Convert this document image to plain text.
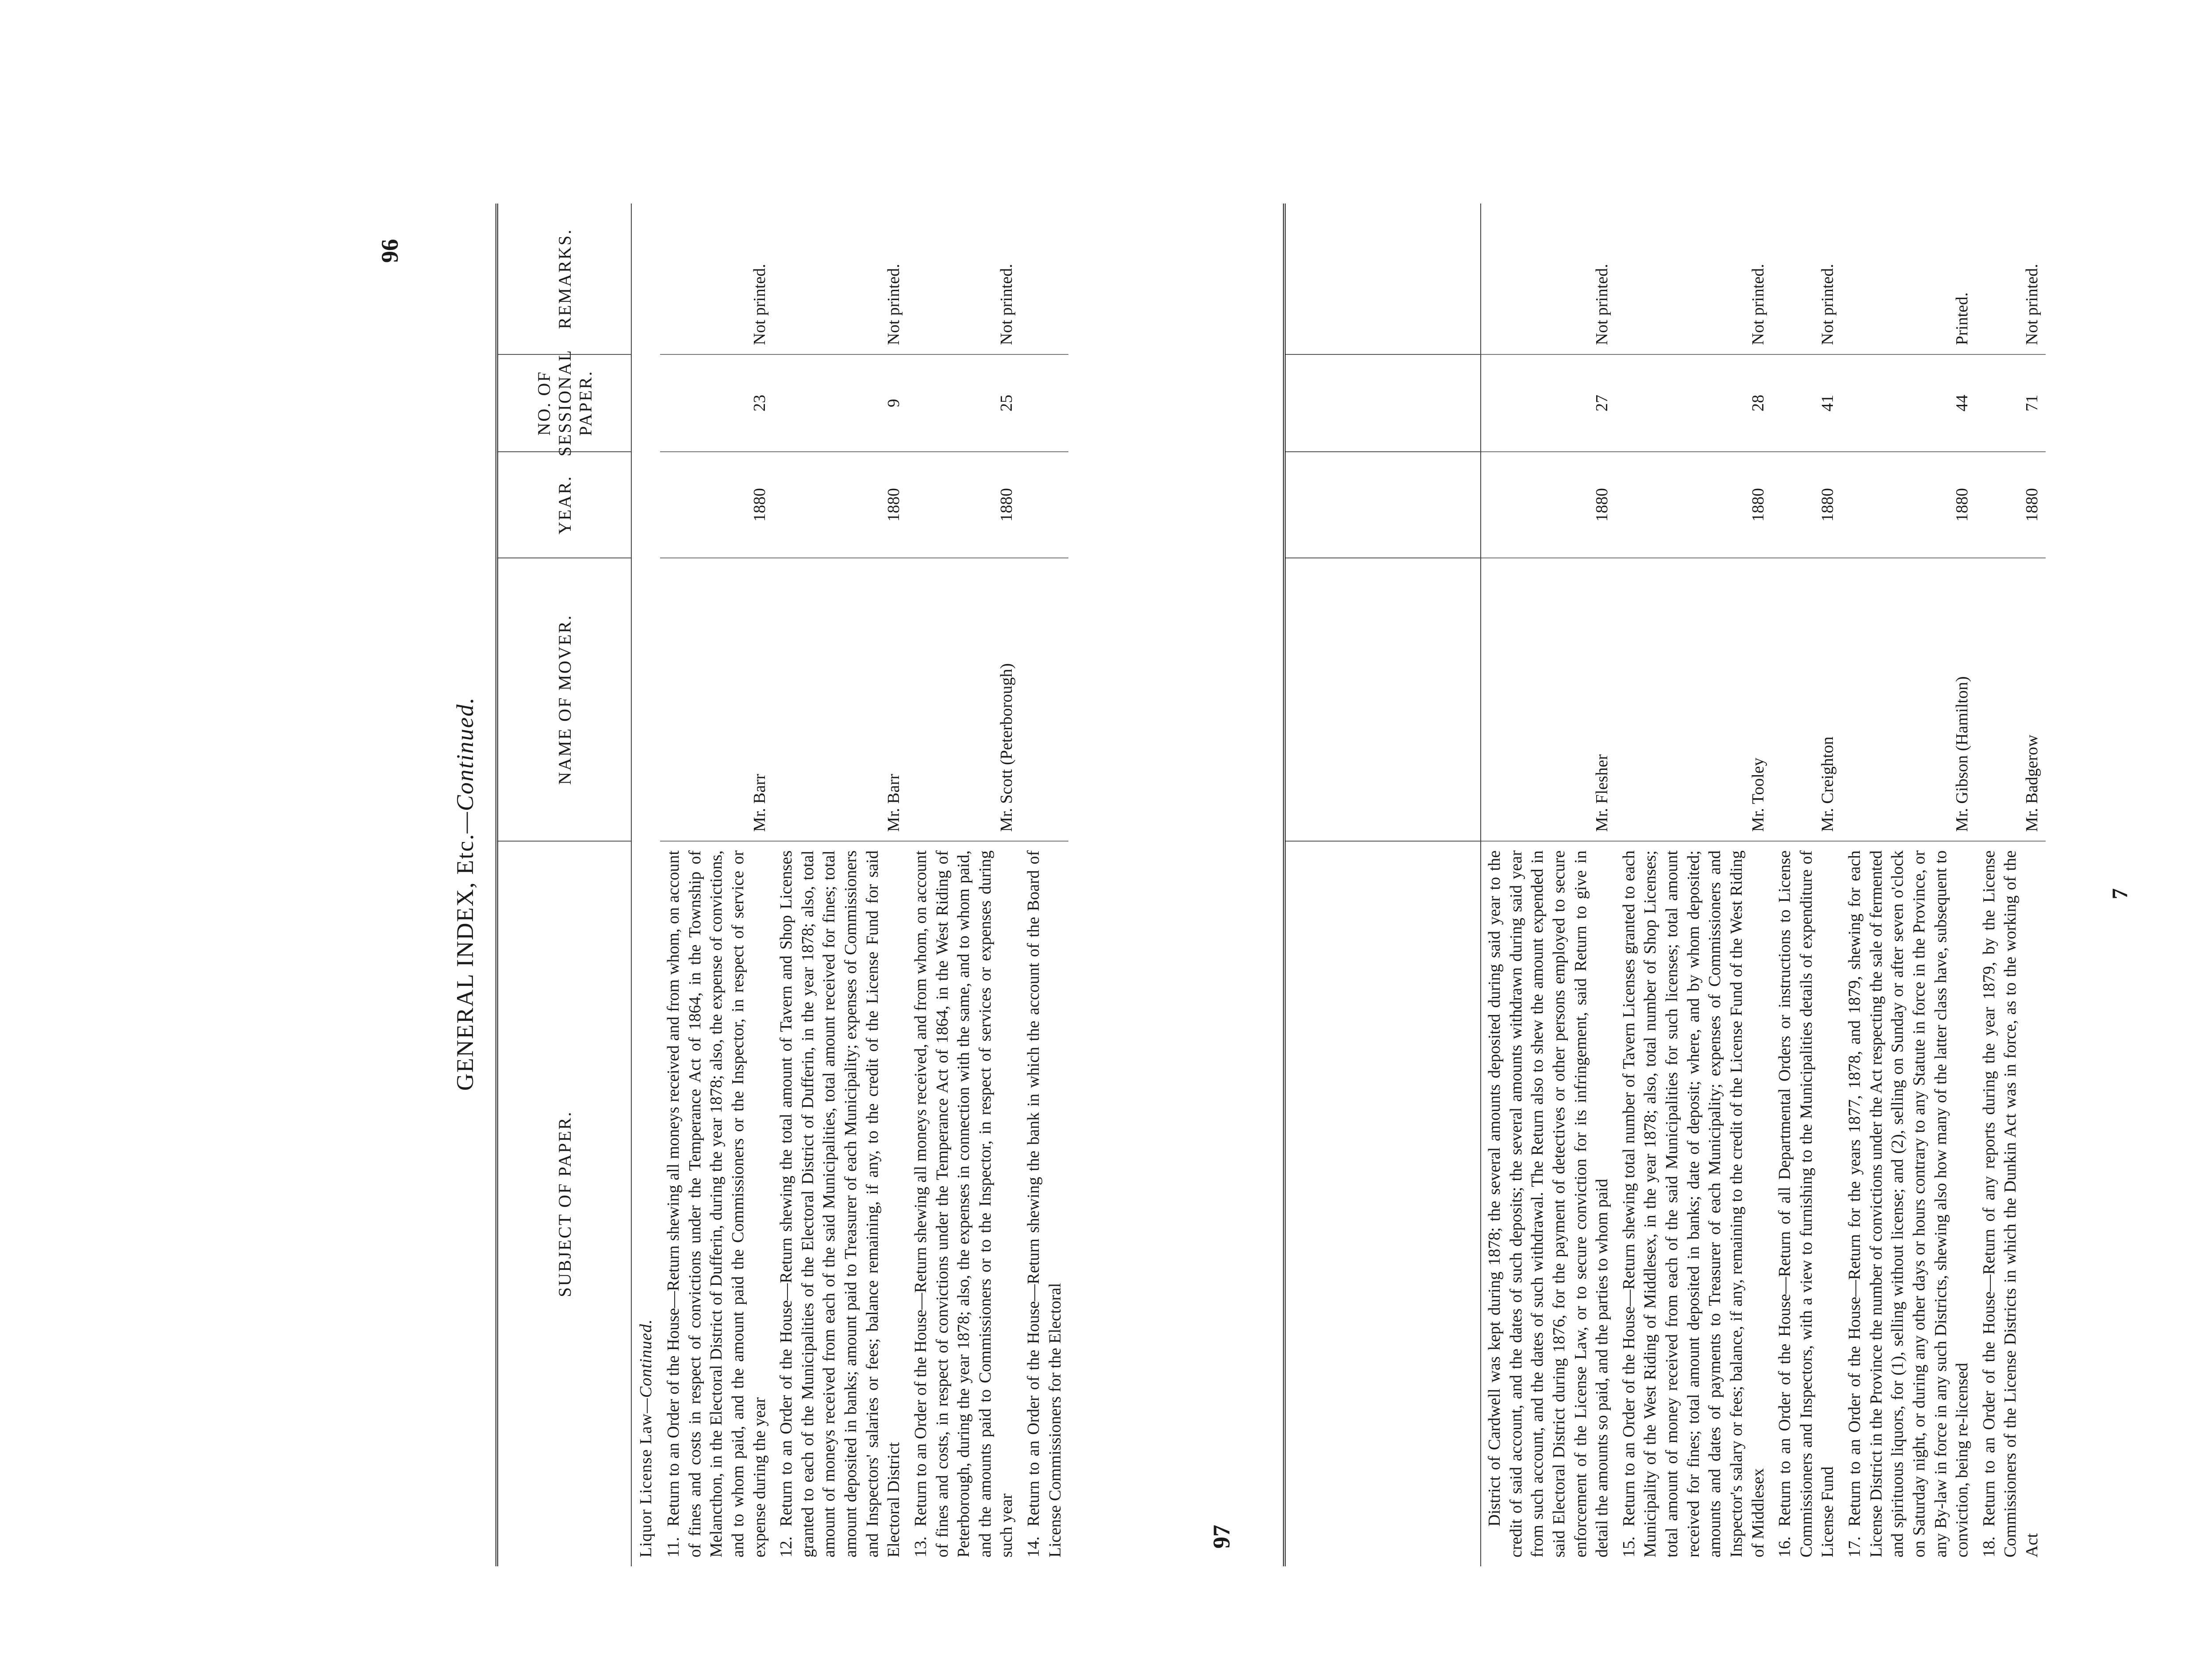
96
GENERAL INDEX, Etc.—Continued.
SUBJECT OF PAPER.
NAME OF MOVER.
YEAR.
NO. OF SESSIONAL PAPER.
REMARKS.
Liquor License Law—Continued.
11.Return to an Order of the House—Return shewing all moneys received and from whom, on account of fines and costs in respect of convictions under the Temperance Act of 1864, in the Township of Melancthon, in the Electoral District of Dufferin, during the year 1878; also, the expense of convictions, and to whom paid, and the amount paid the Commissioners or the Inspector, in respect of service or expense during the year
Mr. Barr
1880
23
Not printed.
12.Return to an Order of the House—Return shewing the total amount of Tavern and Shop Licenses granted to each of the Municipalities of the Electoral District of Dufferin, in the year 1878; also, total amount of moneys received from each of the said Municipalities, total amount received for fines; total amount deposited in banks; amount paid to Treasurer of each Municipality; expenses of Commissioners and Inspectors' salaries or fees; balance remaining, if any, to the credit of the License Fund for said Electoral District
Mr. Barr
1880
9
Not printed.
13.Return to an Order of the House—Return shewing all moneys received, and from whom, on account of fines and costs, in respect of convictions under the Temperance Act of 1864, in the West Riding of Peterborough, during the year 1878; also, the expenses in connection with the same, and to whom paid, and the amounts paid to Commissioners or to the Inspector, in respect of services or expenses during such year
Mr. Scott (Peterborough)
1880
25
Not printed.
14.Return to an Order of the House—Return shewing the bank in which the account of the Board of License Commissioners for the Electoral	97
District of Cardwell was kept during 1878; the several amounts deposited during said year to the credit of said account, and the dates of such deposits; the several amounts withdrawn during said year from such account, and the dates of such withdrawal. The Return also to shew the amount expended in said Electoral District during 1876, for the payment of detectives or other persons employed to secure enforcement of the License Law, or to secure conviction for its infringement, said Return to give in detail the amounts so paid, and the parties to whom paid
Mr. Flesher
1880
27
Not printed.
15.Return to an Order of the House—Return shewing total number of Tavern Licenses granted to each Municipality of the West Riding of Middlesex, in the year 1878; also, total number of Shop Licenses; total amount of money received from each of the said Municipalities for such licenses; total amount received for fines; total amount deposited in banks; date of deposit; where, and by whom deposited; amounts and dates of payments to Treasurer of each Municipality; expenses of Commissioners and Inspector's salary or fees; balance, if any, remaining to the credit of the License Fund of the West Riding of Middlesex
Mr. Tooley
1880
28
Not printed.
16.Return to an Order of the House—Return of all Departmental Orders or instructions to License Commissioners and Inspectors, with a view to furnishing to the Municipalities details of expenditure of License Fund
Mr. Creighton
1880
41
Not printed.
17.Return to an Order of the House—Return for the years 1877, 1878, and 1879, shewing for each License District in the Province the number of convictions under the Act respecting the sale of fermented and spirituous liquors, for (1), selling without license; and (2), selling on Sunday or after seven o'clock on Saturday night, or during any other days or hours contrary to any Statute in force in the Province, or any By-law in force in any such Districts, shewing also how many of the latter class have, subsequent to conviction, being re-licensed
Mr. Gibson (Hamilton)
1880
44
Printed.
18.Return to an Order of the House—Return of any reports during the year 1879, by the License Commissioners of the License Districts in which the Dunkin Act was in force, as to the working of the Act
Mr. Badgerow
1880
71
Not printed.
7
